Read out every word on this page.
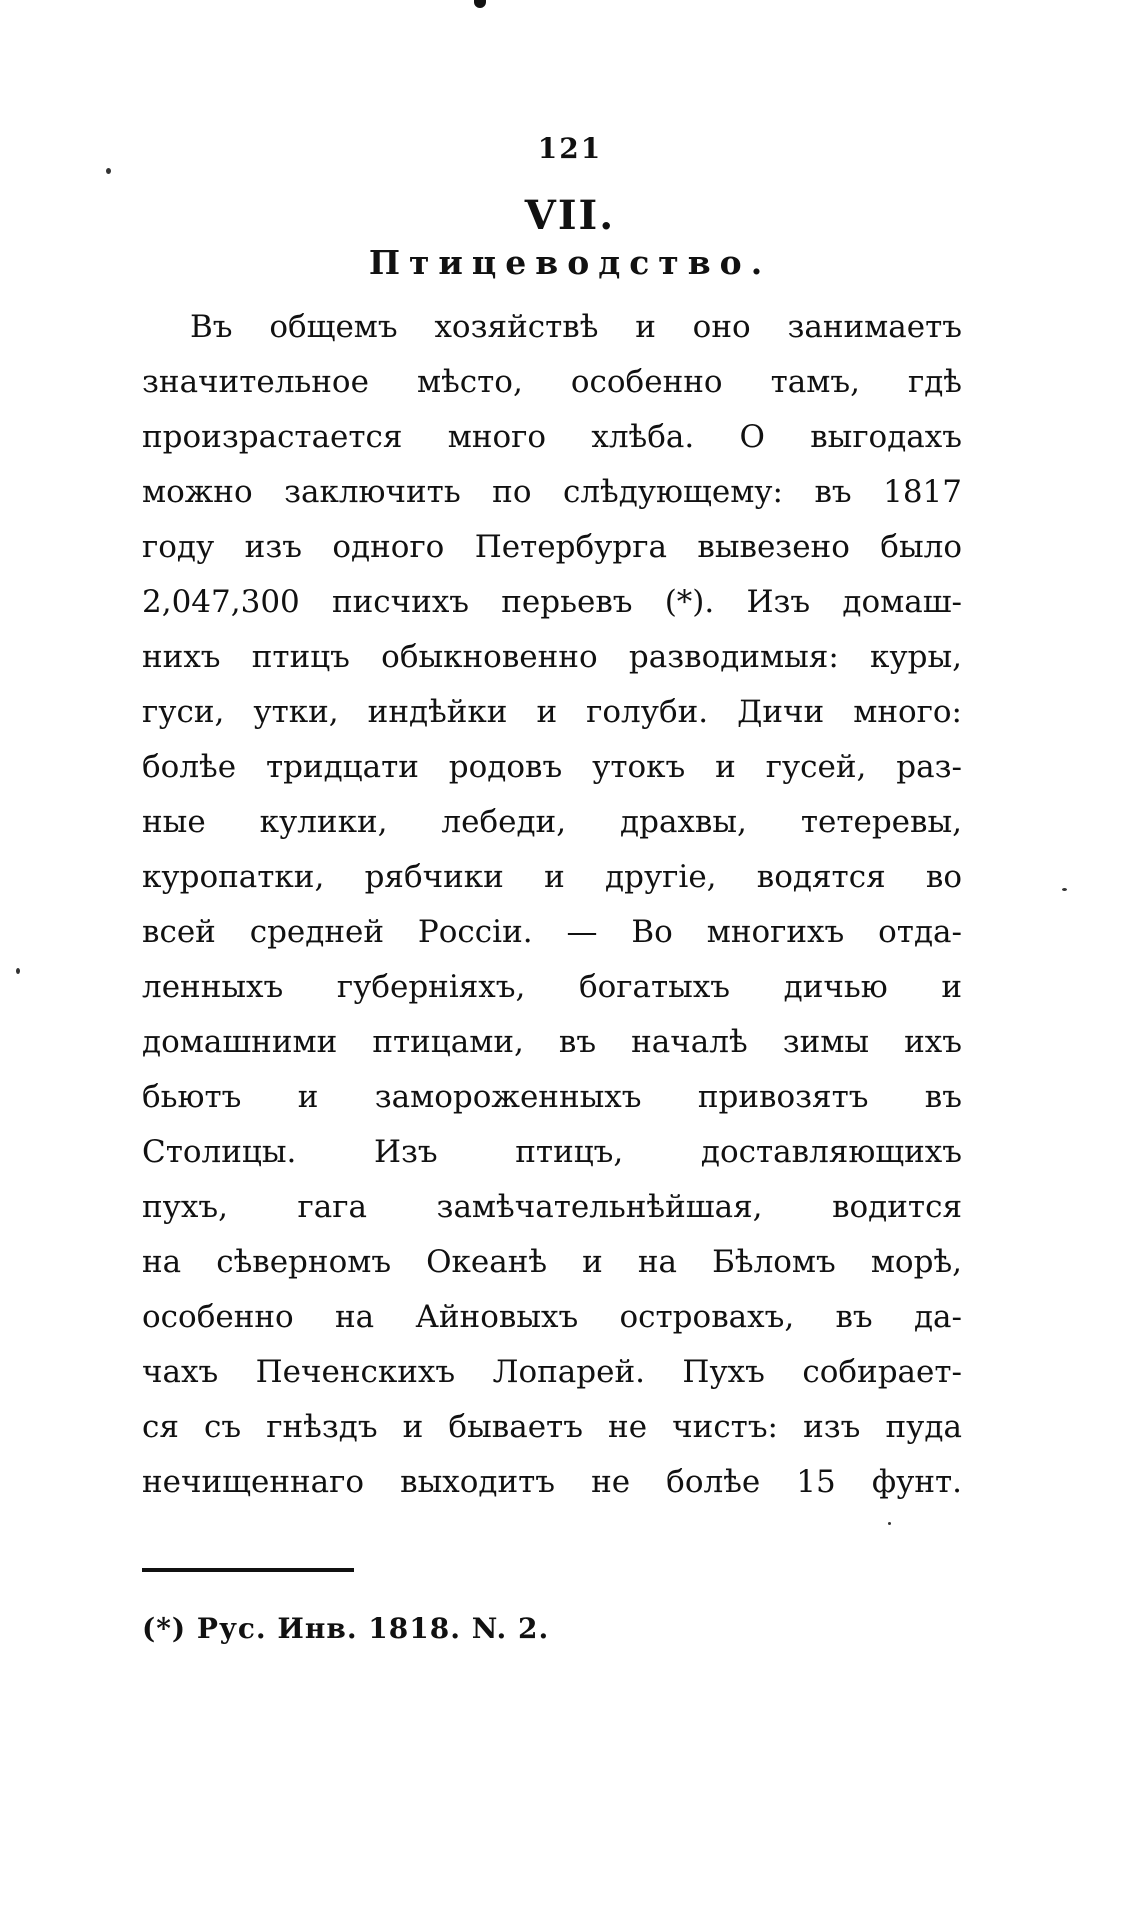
121
VII.
Птицеводство.
Въ общемъ хозяйствѣ и оно занимаетъ
значительное мѣсто, особенно тамъ, гдѣ
произрастается много хлѣба. О выгодахъ
можно заключить по слѣдующему: въ 1817
году изъ одного Петербурга вывезено было
2,047,300 писчихъ перьевъ (*). Изъ домаш-
нихъ птицъ обыкновенно разводимыя: куры,
гуси, утки, индѣйки и голуби. Дичи много:
болѣе тридцати родовъ утокъ и гусей, раз-
ные кулики, лебеди, драхвы, тетеревы,
куропатки, рябчики и другіе, водятся во
всей средней Россіи. — Во многихъ отда-
ленныхъ губерніяхъ, богатыхъ дичью и
домашними птицами, въ началѣ зимы ихъ
бьютъ и замороженныхъ привозятъ въ
Столицы. Изъ птицъ, доставляющихъ
пухъ, гага замѣчательнѣйшая, водится
на сѣверномъ Океанѣ и на Бѣломъ морѣ,
особенно на Айновыхъ островахъ, въ да-
чахъ Печенскихъ Лопарей. Пухъ собирает-
ся съ гнѣздъ и бываетъ не чистъ: изъ пуда
нечищеннаго выходитъ не болѣе 15 фунт.
(*) Рус. Инв. 1818. N. 2.
